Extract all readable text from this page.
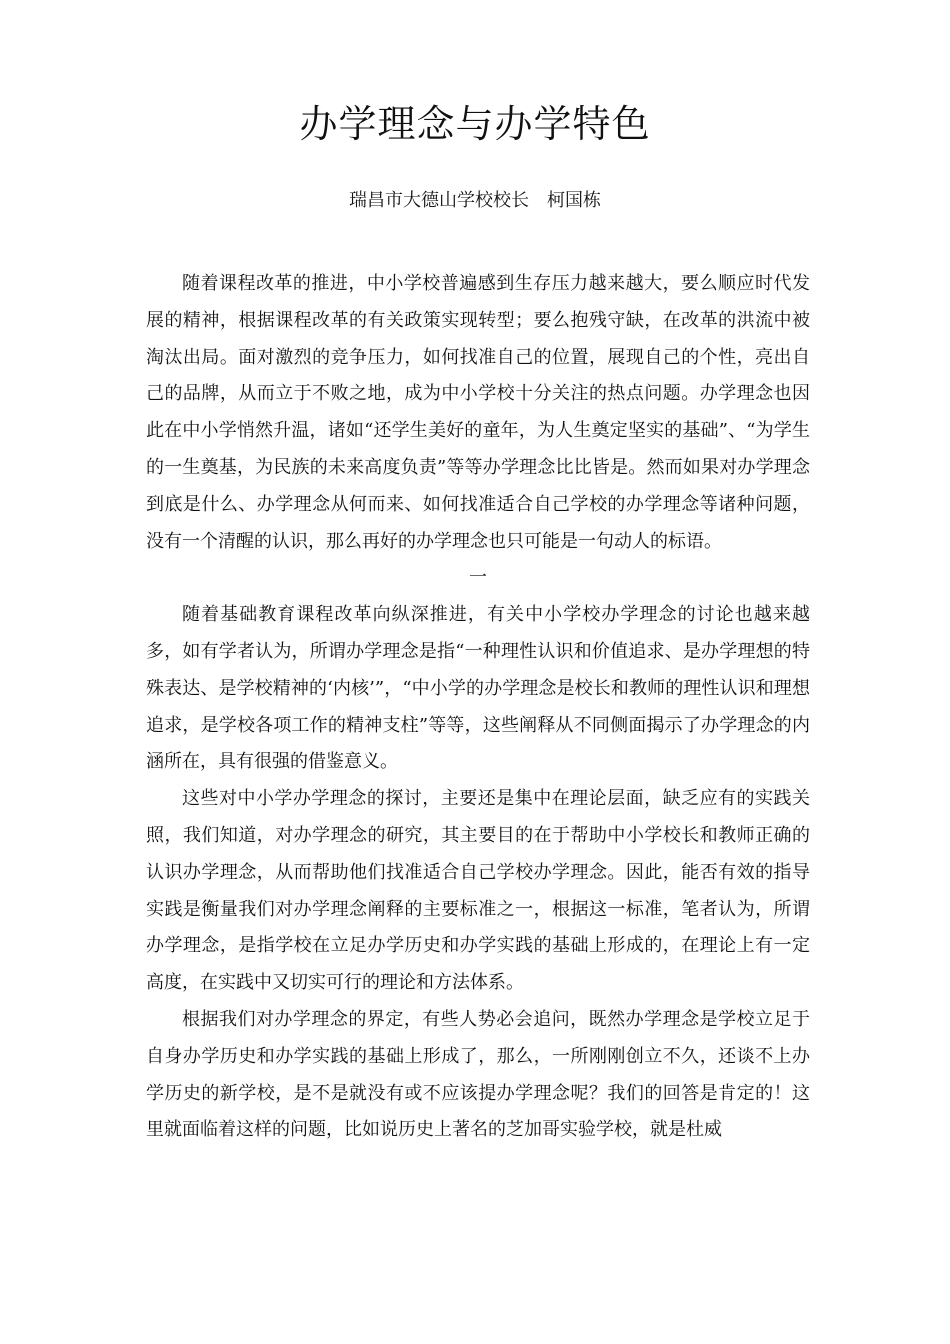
办学理念与办学特色
瑞昌市大德山学校校长　柯国栋

随着课程改革的推进，中小学校普遍感到生存压力越来越大，要么顺应时代发展的精神，根据课程改革的有关政策实现转型；要么抱残守缺，在改革的洪流中被淘汰出局。面对激烈的竞争压力，如何找准自己的位置，展现自己的个性，亮出自己的品牌，从而立于不败之地，成为中小学校十分关注的热点问题。办学理念也因此在中小学悄然升温，诸如“还学生美好的童年，为人生奠定坚实的基础”、“为学生的一生奠基，为民族的未来高度负责”等等办学理念比比皆是。然而如果对办学理念到底是什么、办学理念从何而来、如何找准适合自己学校的办学理念等诸种问题，没有一个清醒的认识，那么再好的办学理念也只可能是一句动人的标语。

一

随着基础教育课程改革向纵深推进，有关中小学校办学理念的讨论也越来越多，如有学者认为，所谓办学理念是指“一种理性认识和价值追求、是办学理想的特殊表达、是学校精神的‘内核’”，“中小学的办学理念是校长和教师的理性认识和理想追求，是学校各项工作的精神支柱”等等，这些阐释从不同侧面揭示了办学理念的内涵所在，具有很强的借鉴意义。

这些对中小学办学理念的探讨，主要还是集中在理论层面，缺乏应有的实践关照，我们知道，对办学理念的研究，其主要目的在于帮助中小学校长和教师正确的认识办学理念，从而帮助他们找准适合自己学校办学理念。因此，能否有效的指导实践是衡量我们对办学理念阐释的主要标准之一，根据这一标准，笔者认为，所谓办学理念，是指学校在立足办学历史和办学实践的基础上形成的，在理论上有一定高度，在实践中又切实可行的理论和方法体系。

根据我们对办学理念的界定，有些人势必会追问，既然办学理念是学校立足于自身办学历史和办学实践的基础上形成了，那么，一所刚刚创立不久，还谈不上办学历史的新学校，是不是就没有或不应该提办学理念呢？我们的回答是肯定的！这里就面临着这样的问题，比如说历史上著名的芝加哥实验学校，就是杜威
